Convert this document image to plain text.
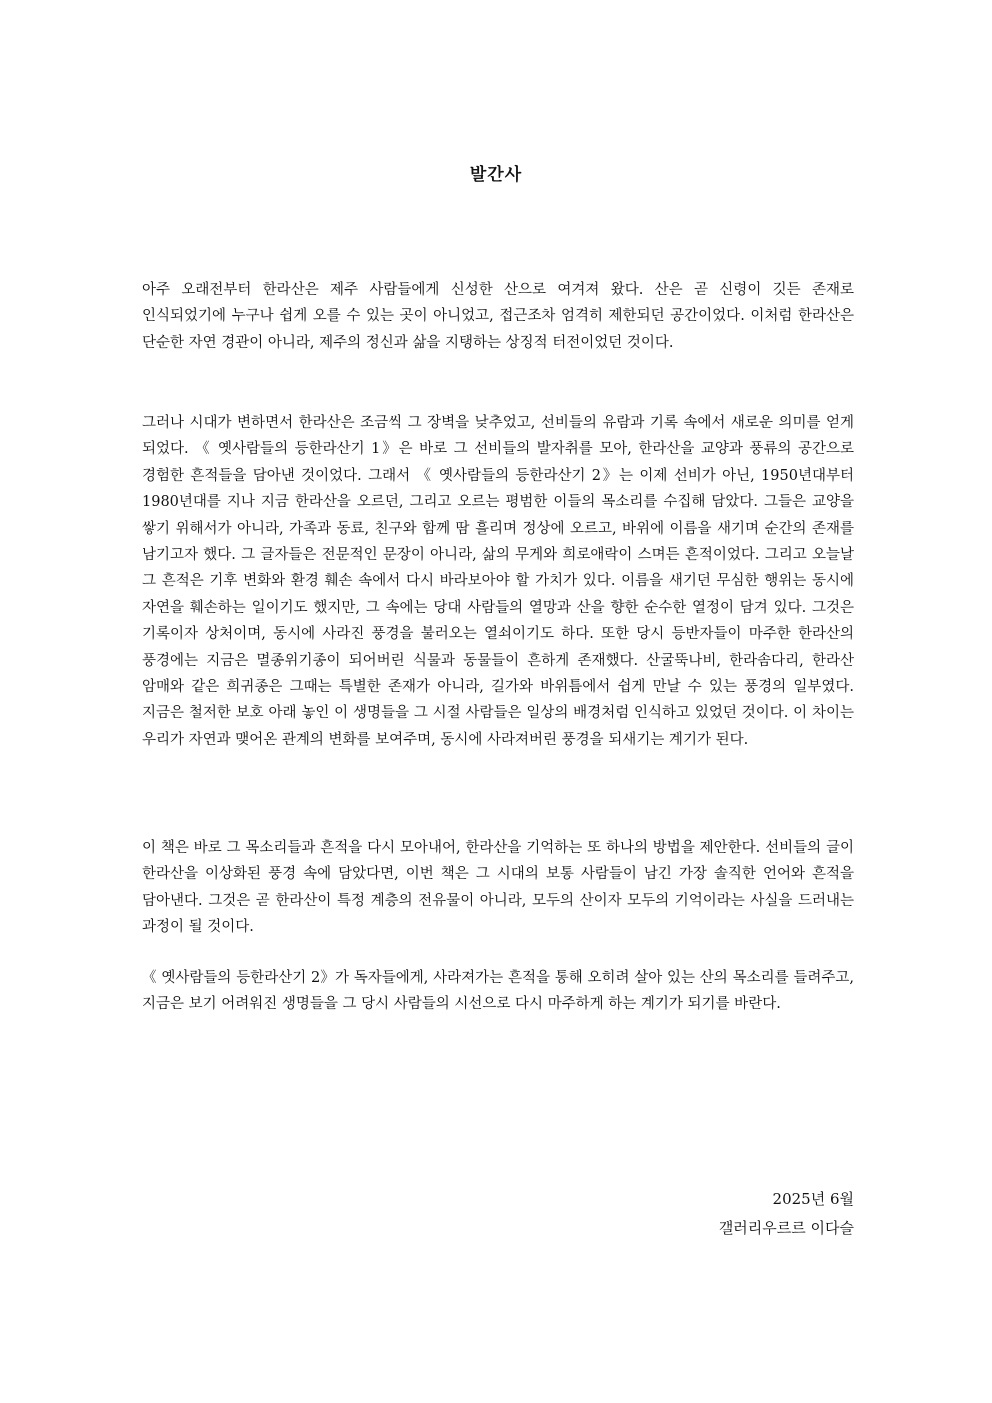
발간사

아주 오래전부터 한라산은 제주 사람들에게 신성한 산으로 여겨져 왔다. 산은 곧 신령이 깃든 존재로 인식되었기에 누구나 쉽게 오를 수 있는 곳이 아니었고, 접근조차 엄격히 제한되던 공간이었다. 이처럼 한라산은 단순한 자연 경관이 아니라, 제주의 정신과 삶을 지탱하는 상징적 터전이었던 것이다.

그러나 시대가 변하면서 한라산은 조금씩 그 장벽을 낮추었고, 선비들의 유람과 기록 속에서 새로운 의미를 얻게 되었다. 《 옛사람들의 등한라산기 1》은 바로 그 선비들의 발자취를 모아, 한라산을 교양과 풍류의 공간으로 경험한 흔적들을 담아낸 것이었다. 그래서 《 옛사람들의 등한라산기 2》는 이제 선비가 아닌, 1950년대부터 1980년대를 지나 지금 한라산을 오르던, 그리고 오르는 평범한 이들의 목소리를 수집해 담았다. 그들은 교양을 쌓기 위해서가 아니라, 가족과 동료, 친구와 함께 땀 흘리며 정상에 오르고, 바위에 이름을 새기며 순간의 존재를 남기고자 했다. 그 글자들은 전문적인 문장이 아니라, 삶의 무게와 희로애락이 스며든 흔적이었다. 그리고 오늘날 그 흔적은 기후 변화와 환경 훼손 속에서 다시 바라보아야 할 가치가 있다. 이름을 새기던 무심한 행위는 동시에 자연을 훼손하는 일이기도 했지만, 그 속에는 당대 사람들의 열망과 산을 향한 순수한 열정이 담겨 있다. 그것은 기록이자 상처이며, 동시에 사라진 풍경을 불러오는 열쇠이기도 하다. 또한 당시 등반자들이 마주한 한라산의 풍경에는 지금은 멸종위기종이 되어버린 식물과 동물들이 흔하게 존재했다. 산굴뚝나비, 한라솜다리, 한라산 암매와 같은 희귀종은 그때는 특별한 존재가 아니라, 길가와 바위틈에서 쉽게 만날 수 있는 풍경의 일부였다. 지금은 철저한 보호 아래 놓인 이 생명들을 그 시절 사람들은 일상의 배경처럼 인식하고 있었던 것이다. 이 차이는 우리가 자연과 맺어온 관계의 변화를 보여주며, 동시에 사라져버린 풍경을 되새기는 계기가 된다.

이 책은 바로 그 목소리들과 흔적을 다시 모아내어, 한라산을 기억하는 또 하나의 방법을 제안한다. 선비들의 글이 한라산을 이상화된 풍경 속에 담았다면, 이번 책은 그 시대의 보통 사람들이 남긴 가장 솔직한 언어와 흔적을 담아낸다. 그것은 곧 한라산이 특정 계층의 전유물이 아니라, 모두의 산이자 모두의 기억이라는 사실을 드러내는 과정이 될 것이다.

《 옛사람들의 등한라산기 2》가 독자들에게, 사라져가는 흔적을 통해 오히려 살아 있는 산의 목소리를 들려주고, 지금은 보기 어려워진 생명들을 그 당시 사람들의 시선으로 다시 마주하게 하는 계기가 되기를 바란다.

2025년 6월
갤러리우르르 이다슬
